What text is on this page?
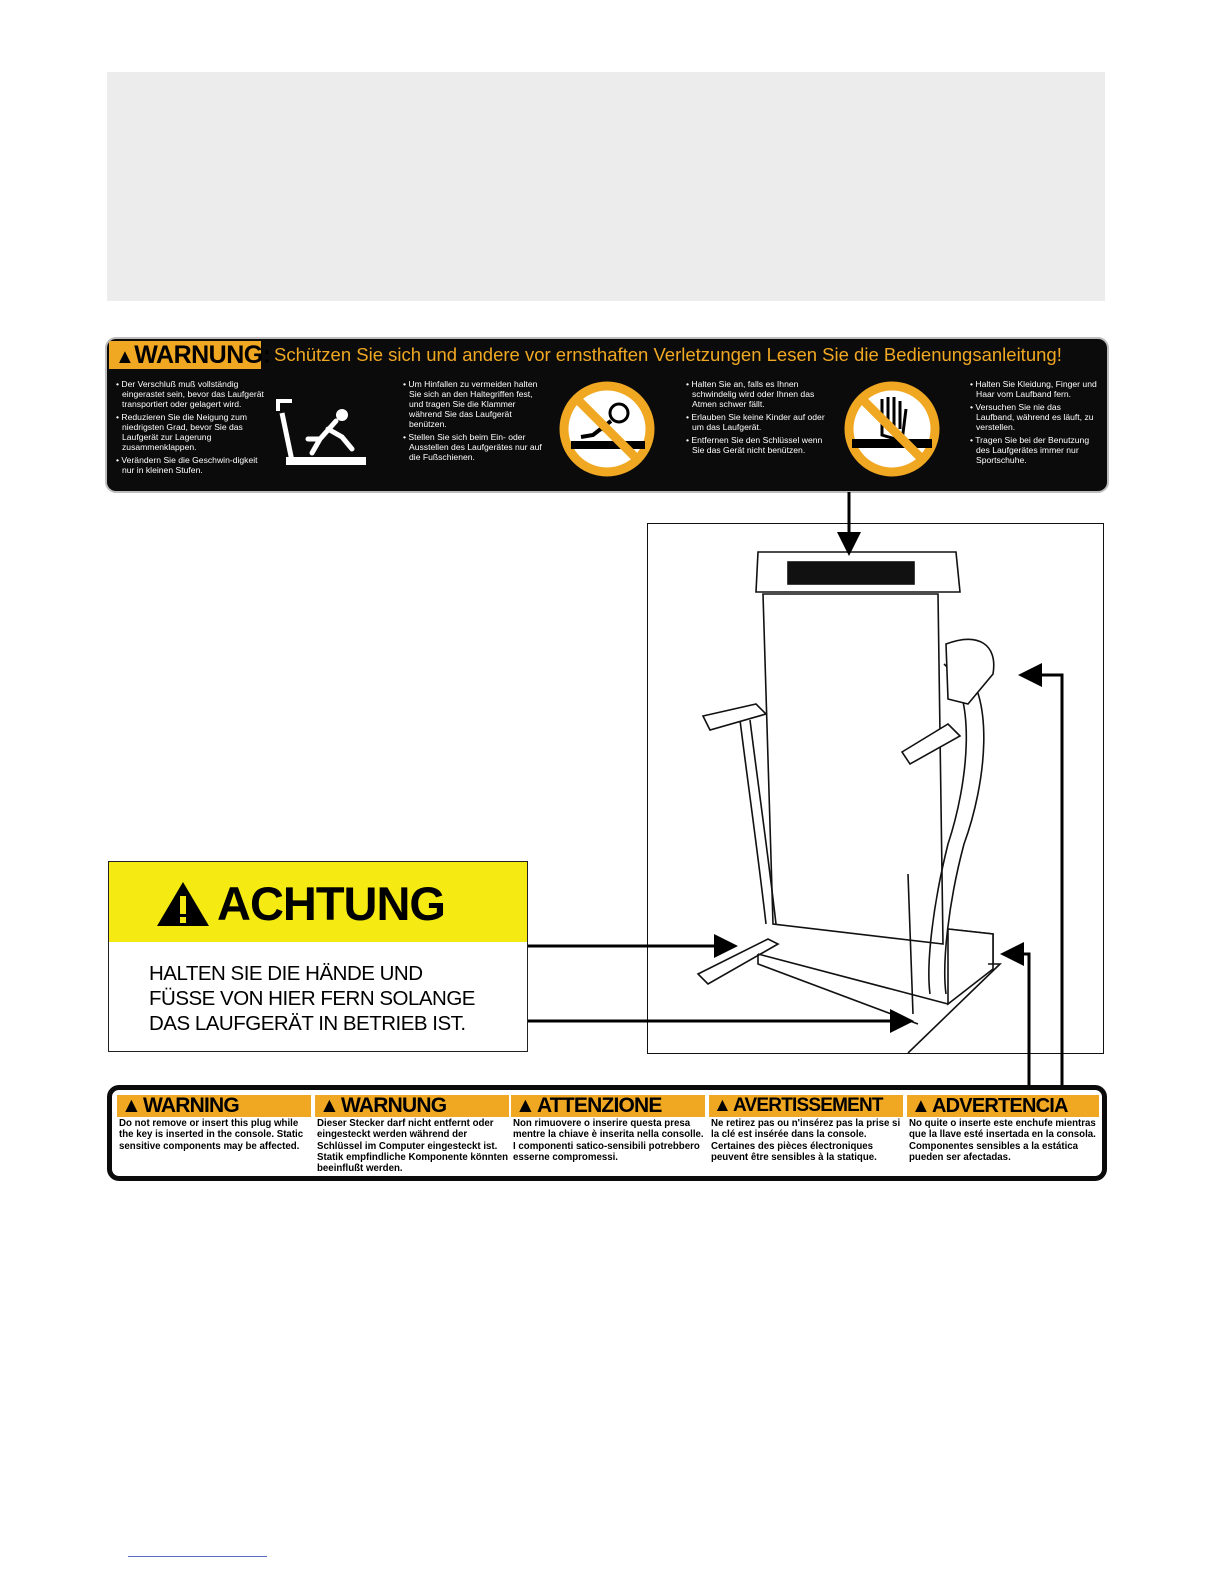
▲WARNUNG: Schützen Sie sich und andere vor ernsthaften Verletzungen Lesen Sie die Bedienungsanleitung!

• Der Verschluß muß vollständig eingerastet sein, bevor das Laufgerät transportiert oder gelagert wird.

• Reduzieren Sie die Neigung zum niedrigsten Grad, bevor Sie das Laufgerät zur Lagerung zusammenklappen.

• Verändern Sie die Geschwin-digkeit nur in kleinen Stufen.

• Um Hinfallen zu vermeiden halten Sie sich an den Haltegriffen fest, und tragen Sie die Klammer während Sie das Laufgerät benützen.

• Stellen Sie sich beim Ein- oder Ausstellen des Laufgerätes nur auf die Fußschienen.

• Halten Sie an, falls es Ihnen schwindelig wird oder Ihnen das Atmen schwer fällt.

• Erlauben Sie keine Kinder auf oder um das Laufgerät.

• Entfernen Sie den Schlüssel wenn Sie das Gerät nicht benützen.

• Halten Sie Kleidung, Finger und Haar vom Laufband fern.

• Versuchen Sie nie das Laufband, während es läuft, zu verstellen.

• Tragen Sie bei der Benutzung des Laufgerätes immer nur Sportschuhe.

ACHTUNG
HALTEN SIE DIE HÄNDE UND
FÜSSE VON HIER FERN SOLANGE
DAS LAUFGERÄT IN BETRIEB IST.
▲ WARNING
Do not remove or insert this plug while the key is inserted in the console. Static sensitive components may be affected.
▲ WARNUNG
Dieser Stecker darf nicht entfernt oder eingesteckt werden während der Schlüssel im Computer eingesteckt ist. Statik empfindliche Komponente könnten beeinflußt werden.
▲ ATTENZIONE
Non rimuovere o inserire questa presa mentre la chiave è inserita nella consolle. I componenti satico-sensibili potrebbero esserne compromessi.
▲ AVERTISSEMENT
Ne retirez pas ou n'insérez pas la prise si la clé est insérée dans la console. Certaines des pièces électroniques peuvent être sensibles à la statique.
▲ ADVERTENCIA
No quite o inserte este enchufe mientras que la llave esté insertada en la consola. Componentes sensibles a la estática pueden ser afectadas.
